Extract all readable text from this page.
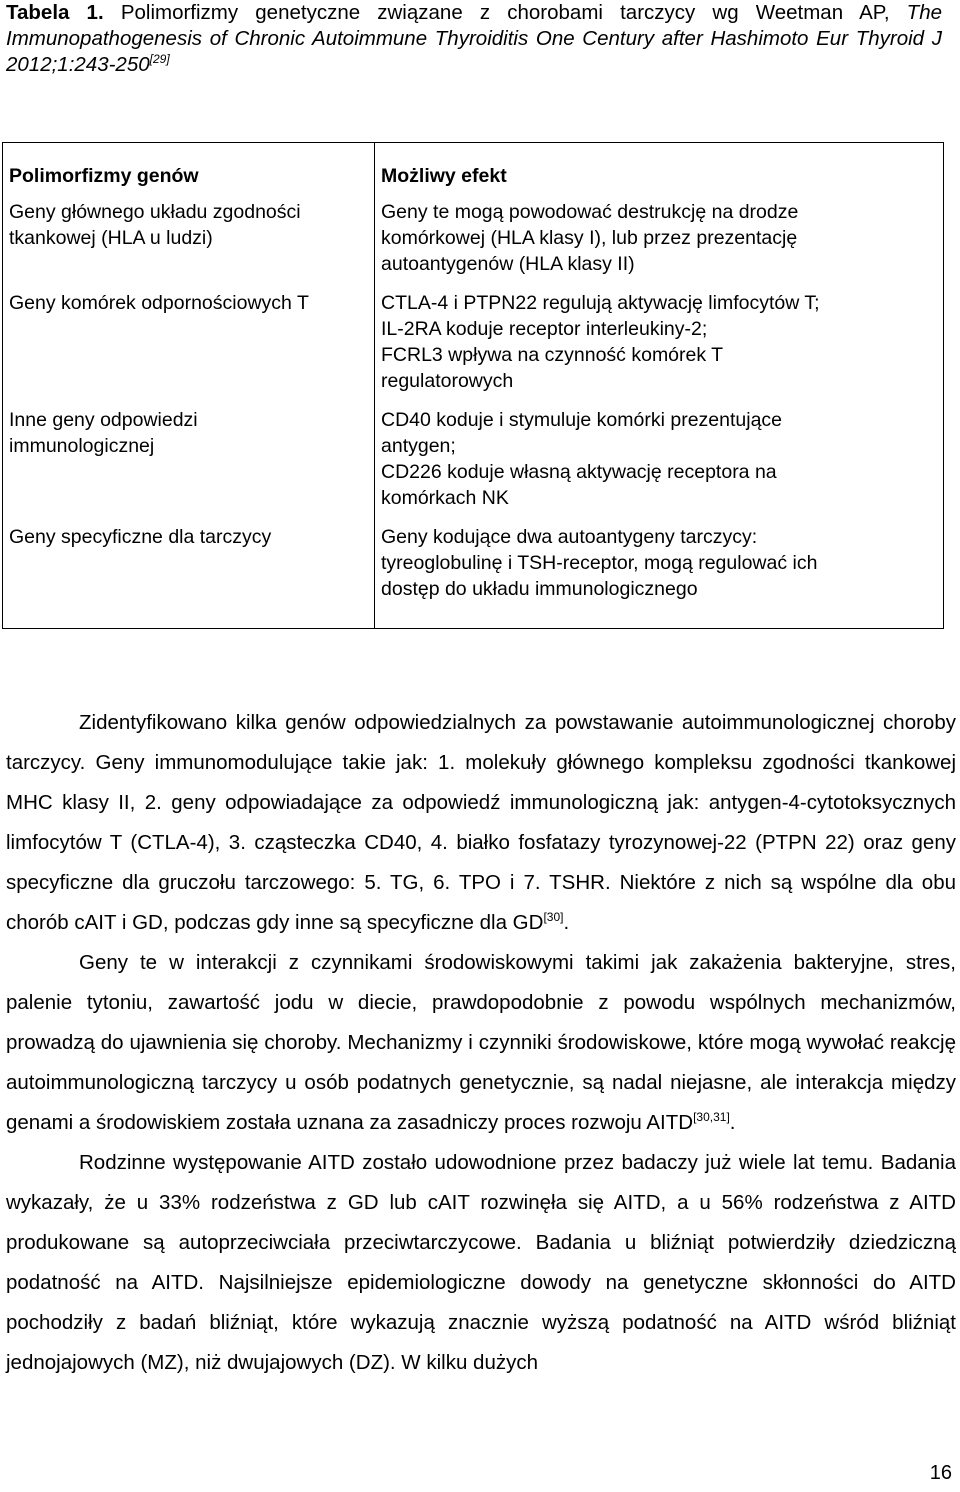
Tabela 1. Polimorfizmy genetyczne związane z chorobami tarczycy wg Weetman AP, The Immunopathogenesis of Chronic Autoimmune Thyroiditis One Century after Hashimoto Eur Thyroid J 2012;1:243-250[29]
Polimorfizmy genów	Możliwy efekt

Geny głównego układu zgodności
tkankowej (HLA u ludzi)	Geny te mogą powodować destrukcję na drodze
komórkowej (HLA klasy I), lub przez prezentację
autoantygenów (HLA klasy II)

Geny komórek odpornościowych T	CTLA-4 i PTPN22 regulują aktywację limfocytów T;
IL-2RA koduje receptor interleukiny-2;
FCRL3 wpływa na czynność komórek T
regulatorowych

Inne geny odpowiedzi
immunologicznej	CD40 koduje i stymuluje komórki prezentujące
antygen;
CD226 koduje własną aktywację receptora na
komórkach NK

Geny specyficzne dla tarczycy	Geny kodujące dwa autoantygeny tarczycy:
tyreoglobulinę i TSH-receptor, mogą regulować ich
dostęp do układu immunologicznego

Zidentyfikowano kilka genów odpowiedzialnych za powstawanie autoimmunologicznej choroby tarczycy. Geny immunomodulujące takie jak: 1. molekuły głównego kompleksu zgodności tkankowej MHC klasy II, 2. geny odpowiadające za odpowiedź immunologiczną jak: antygen-4-cytotoksycznych limfocytów T (CTLA-4), 3. cząsteczka CD40, 4. białko fosfatazy tyrozynowej-22 (PTPN 22) oraz geny specyficzne dla gruczołu tarczowego: 5. TG, 6. TPO i 7. TSHR. Niektóre z nich są wspólne dla obu chorób cAIT i GD, podczas gdy inne są specyficzne dla GD[30].

Geny te w interakcji z czynnikami środowiskowymi takimi jak zakażenia bakteryjne, stres, palenie tytoniu, zawartość jodu w diecie, prawdopodobnie z powodu wspólnych mechanizmów, prowadzą do ujawnienia się choroby. Mechanizmy i czynniki środowiskowe, które mogą wywołać reakcję autoimmunologiczną tarczycy u osób podatnych genetycznie, są nadal niejasne, ale interakcja między genami a środowiskiem została uznana za zasadniczy proces rozwoju AITD[30,31].

Rodzinne występowanie AITD zostało udowodnione przez badaczy już wiele lat temu. Badania wykazały, że u 33% rodzeństwa z GD lub cAIT rozwinęła się AITD, a u 56% rodzeństwa z AITD produkowane są autoprzeciwciała przeciwtarczycowe. Badania u bliźniąt potwierdziły dziedziczną podatność na AITD. Najsilniejsze epidemiologiczne dowody na genetyczne skłonności do AITD pochodziły z badań bliźniąt, które wykazują znacznie wyższą podatność na AITD wśród bliźniąt jednojajowych (MZ), niż dwujajowych (DZ). W kilku dużych

16
